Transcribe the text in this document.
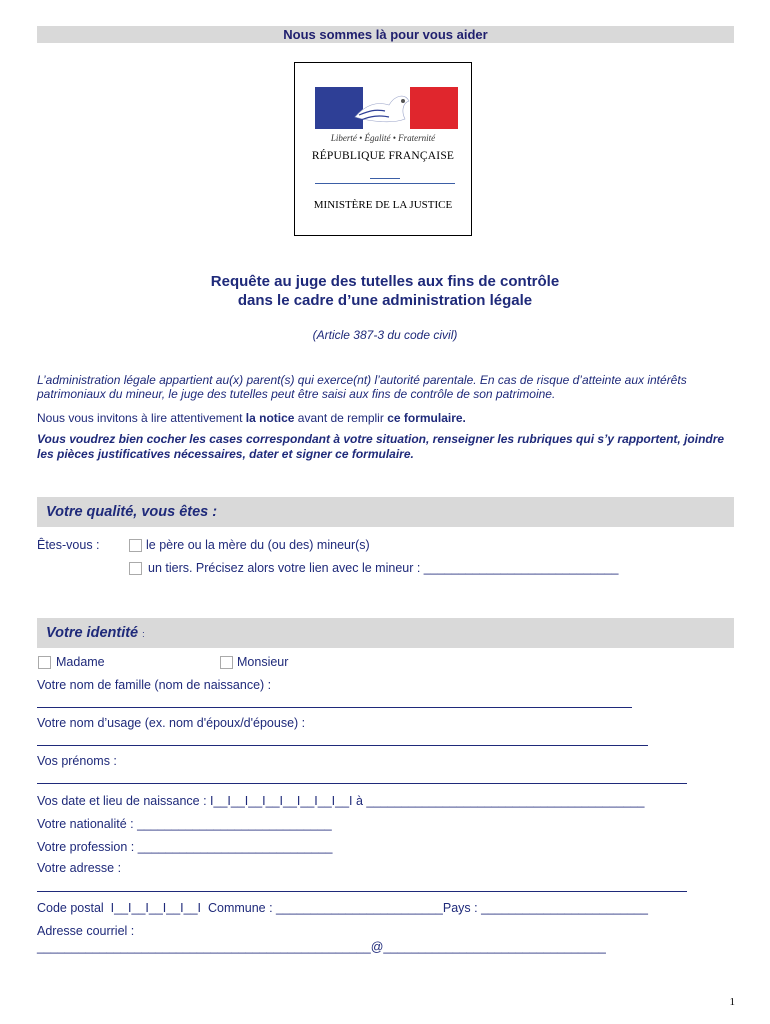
Nous sommes là pour vous aider
Liberté • Égalité • Fraternité
RÉPUBLIQUE FRANÇAISE
MINISTÈRE DE LA JUSTICE
Requête au juge des tutelles aux fins de contrôle
dans le cadre d’une administration légale
(Article 387-3 du code civil)
L’administration légale appartient au(x) parent(s) qui exerce(nt) l’autorité parentale. En cas de risque d’atteinte aux intérêts patrimoniaux du mineur, le juge des tutelles peut être saisi aux fins de contrôle de son patrimoine.
Nous vous invitons à lire attentivement la notice avant de remplir ce formulaire.
Vous voudrez bien cocher les cases correspondant à votre situation, renseigner les rubriques qui s’y rapportent, joindre les pièces justificatives nécessaires, dater et signer ce formulaire.
Votre qualité, vous êtes :
Êtes-vous :	le père ou la mère du (ou des) mineur(s)
un tiers. Précisez alors votre lien avec le mineur : ____________________________
Votre identité :
Madame	Monsieur
Votre nom de famille (nom de naissance) :
Votre nom d’usage (ex. nom d'époux/d'épouse) :
Vos prénoms :
Vos date et lieu de naissance : I__I__I__I__I__I__I__I__I à ________________________________________
Votre nationalité : ____________________________
Votre profession : ____________________________
Votre adresse :
Code postal  I__I__I__I__I__I  Commune : ________________________Pays : ________________________
Adresse courriel :
________________________________________________@________________________________
1
